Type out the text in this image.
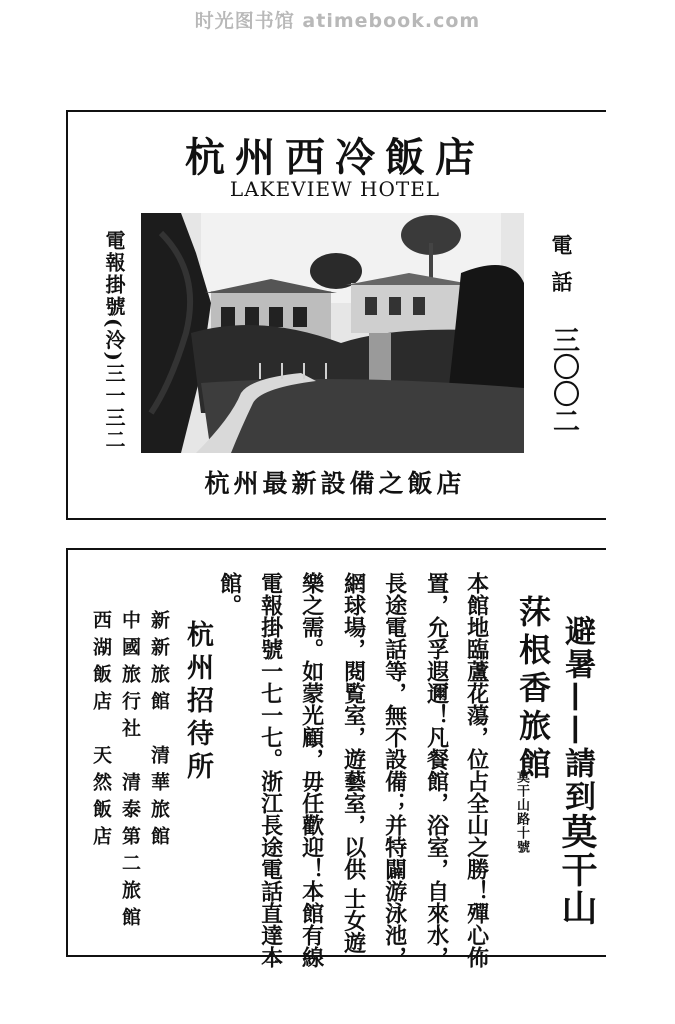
时光图书馆 atimebook.com
杭州西冷飯店
LAKEVIEW HOTEL
電報掛號(泠)三一三二	電話
三〇〇二
杭州最新設備之飯店
避暑——請到莫干山
莯根香旅館
莫干山路十號
本館地臨蘆花蕩，位占全山之勝！殫心佈
置，允孚遐邇！凡餐館，浴室，自來水，
長途電話等，無不設備；并特闢游泳池，
網球場，閱覧室，遊藝室，以供 士女遊
樂之需。如蒙光顧，毋任歡迎！本館有線
電報掛號一七一七。浙江長途電話直達本
館。
杭州招待所
新新旅館　清華旅館
中國旅行社　清泰第二旅館
西湖飯店　天然飯店
